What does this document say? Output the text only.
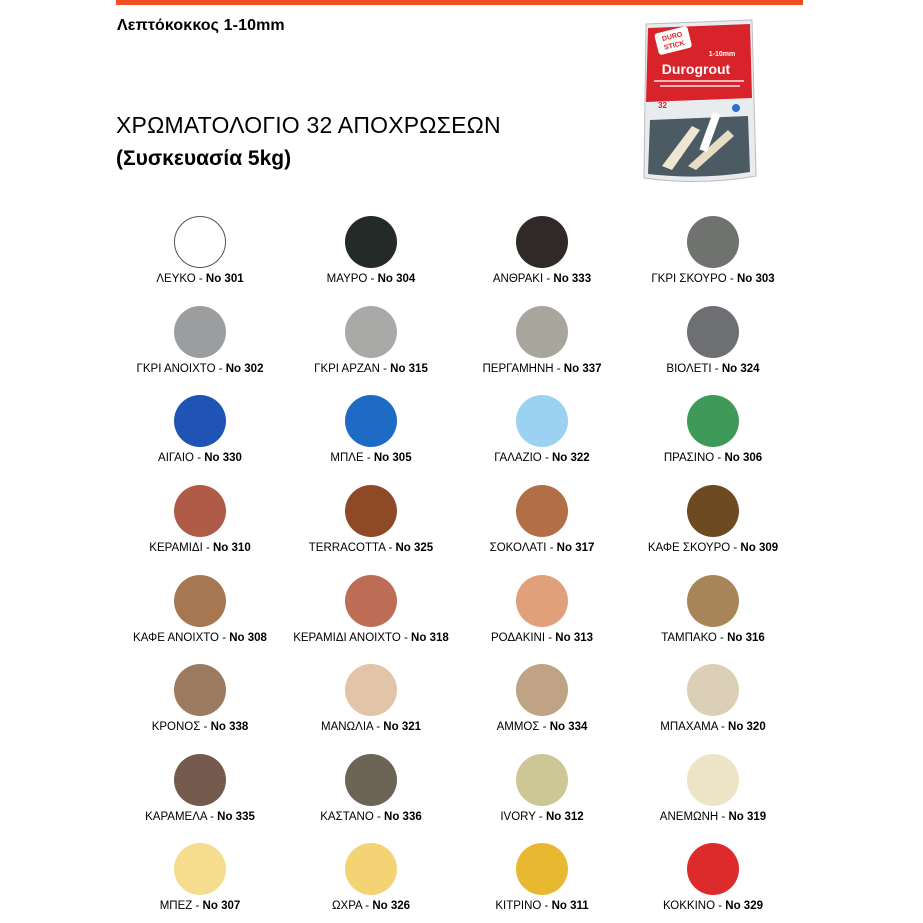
Λεπτόκοκκος 1-10mm
ΧΡΩΜΑΤΟΛΟΓΙΟ 32 ΑΠΟΧΡΩΣΕΩΝ
(Συσκευασία 5kg)
DURO
STICK
1-10mm
Durogrout
32
ΛΕΥΚΟ - No 301	ΜΑΥΡΟ - No 304	ΑΝΘΡΑΚΙ - No 333	ΓΚΡΙ ΣΚΟΥΡΟ - No 303
ΓΚΡΙ ΑΝΟΙΧΤΟ - No 302	ΓΚΡΙ ΑΡΖΑΝ - No 315	ΠΕΡΓΑΜΗΝΗ - No 337	ΒΙΟΛΕΤΙ - No 324
ΑΙΓΑΙΟ - No 330	ΜΠΛΕ - No 305	ΓΑΛΑΖΙΟ - No 322	ΠΡΑΣΙΝΟ - No 306
ΚΕΡΑΜΙΔΙ - No 310	TERRACOTTA - No 325	ΣΟΚΟΛΑΤΙ - No 317	ΚΑΦΕ ΣΚΟΥΡΟ - No 309
ΚΑΦΕ ΑΝΟΙΧΤΟ - No 308	ΚΕΡΑΜΙΔΙ ΑΝΟΙΧΤΟ - No 318	ΡΟΔΑΚΙΝΙ - No 313	ΤΑΜΠΑΚΟ - No 316
ΚΡΟΝΟΣ - No 338	ΜΑΝΩΛΙΑ - No 321	ΑΜΜΟΣ - No 334	ΜΠΑΧΑΜΑ - No 320
ΚΑΡΑΜΕΛΑ - No 335	ΚΑΣΤΑΝΟ - No 336	IVORY - No 312	ΑΝΕΜΩΝΗ - No 319
ΜΠΕΖ - No 307	ΩΧΡΑ - No 326	ΚΙΤΡΙΝΟ - No 311	ΚΟΚΚΙΝΟ - No 329
